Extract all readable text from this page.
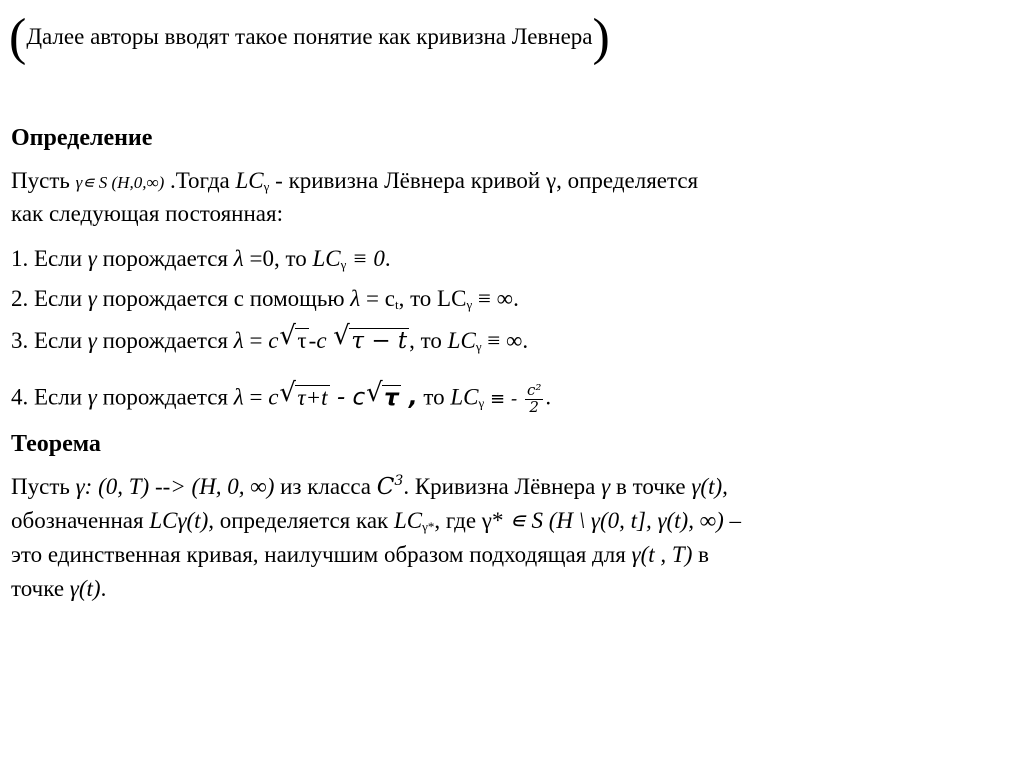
(Далее авторы вводят такое понятие как кривизна Левнера)
Определение
Пусть γ∊ S (H,0,∞) .Тогда $LC_\gamma$ - кривизна Лёвнера кривой γ, определяется
как следующая постоянная:
1. Если γ порождается λ =0, то $LC_\gamma \equiv 0$.
2. Если γ порождается с помощью $\lambda = c_t$, то $LC_\gamma$ ≡ ∞.
3. Если γ порождается λ = c √ τ-c √ τ − t, то $LC_\gamma$ ≡ ∞.
4. Если γ порождается λ = c √ τ+t - c √ τ , то $LC_\gamma$ ≡ - $\frac{\text{c²}}{2}$ .
Теорема
Пусть γ: (0, T) --> (H, 0, ∞) из класса $C^3$. Кривизна Лёвнера γ в точке γ(t),
обозначенная LCγ(t), определяется как $LC_{\gamma*}$, где γ* ∊ S (H \ γ(0, t], γ(t), ∞) –
это единственная кривая, наилучшим образом подходящая для γ(t , T) в
точке γ(t).
